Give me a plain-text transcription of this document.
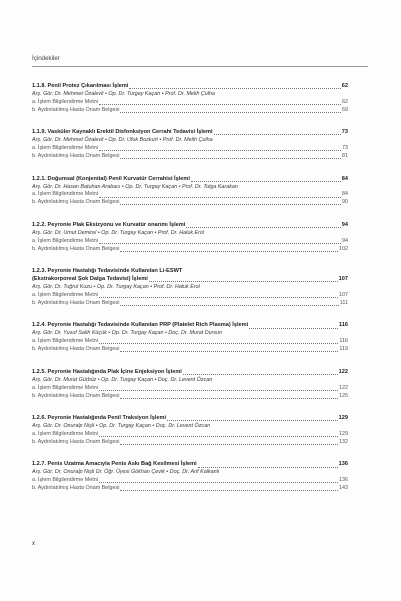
İçindekiler
1.1.8. Penil Protez Çıkarılması İşlemi	62
Arş. Gör. Dr. Mehmet Özalevli • Op. Dr. Turgay Kaçan • Prof. Dr. Melih Çulha
a. İşlem Bilgilendirme Metni	62
b. Aydınlatılmış Hasta Onam Belgesi	69
1.1.9. Vasküler Kaynaklı Erektil Disfonksiyon Cerrahi Tedavisi İşlemi	73
Arş. Gör. Dr. Mehmet Özalevli • Op. Dr. Ufuk Bozkurt • Prof. Dr. Melih Çulha
a. İşlem Bilgilendirme Metni	73
b. Aydınlatılmış Hasta Onam Belgesi	81
1.2.1. Doğumsal (Konjenital) Penil Kurvatür Cerrahisi İşlemi	84
Arş. Gör. Dr. Hasan Batuhan Arabacı • Op. Dr. Turgay Kaçan • Prof. Dr. Tolga Karakan
a. İşlem Bilgilendirme Metni	84
b. Aydınlatılmış Hasta Onam Belgesi	90
1.2.2. Peyronie Plak Eksizyonu ve Kurvatür onarımı İşlemi	94
Arş. Gör. Dr. Umut Demirel • Op. Dr. Turgay Kaçan • Prof. Dr. Haluk Erol
a. İşlem Bilgilendirme Metni	94
b. Aydınlatılmış Hasta Onam Belgesi	102
1.2.3. Peyronie Hastalığı Tedavisinde Kullanılan Li-ESWT
(Ekstrakorporeal Şok Dalga Tedavisi) İşlemi	107
Arş. Gör. Dr. Tuğrul Kuzu • Op. Dr. Turgay Kaçan • Prof. Dr. Haluk Erol
a. İşlem Bilgilendirme Metni	107
b. Aydınlatılmış Hasta Onam Belgesi	111
1.2.4. Peyronie Hastalığı Tedavisinde Kullanılan PRP (Platelet Rich Plasma) İşlemi	116
Arş. Gör. Dr. Yusuf Salih Küçük • Op. Dr. Turgay Kaçan • Doç. Dr. Murat Dursun
a. İşlem Bilgilendirme Metni	116
b. Aydınlatılmış Hasta Onam Belgesi	119
1.2.5. Peyronie Hastalığında Plak İçine Enjeksiyon İşlemi	122
Arş. Gör. Dr. Murat Gürbüz • Op. Dr. Turgay Kaçan • Doç. Dr. Levent Özcan
a. İşlem Bilgilendirme Metni	122
b. Aydınlatılmış Hasta Onam Belgesi	125
1.2.6. Peyronie Hastalığında Penil Traksiyon İşlemi	129
Arş. Gör. Dr. Onuralp Nişli • Op. Dr. Turgay Kaçan • Doç. Dr. Levent Özcan
a. İşlem Bilgilendirme Metni	129
b. Aydınlatılmış Hasta Onam Belgesi	132
1.2.7. Penis Uzatma Amacıyla Penis Askı Bağ Kesilmesi İşlemi	136
Arş. Gör. Dr. Onuralp Nişli Dr. Öğr. Üyesi Gökhan Çevik • Doç. Dr. Arif Kalkanlı
a. İşlem Bilgilendirme Metni	136
b. Aydınlatılmış Hasta Onam Belgesi	143
x
